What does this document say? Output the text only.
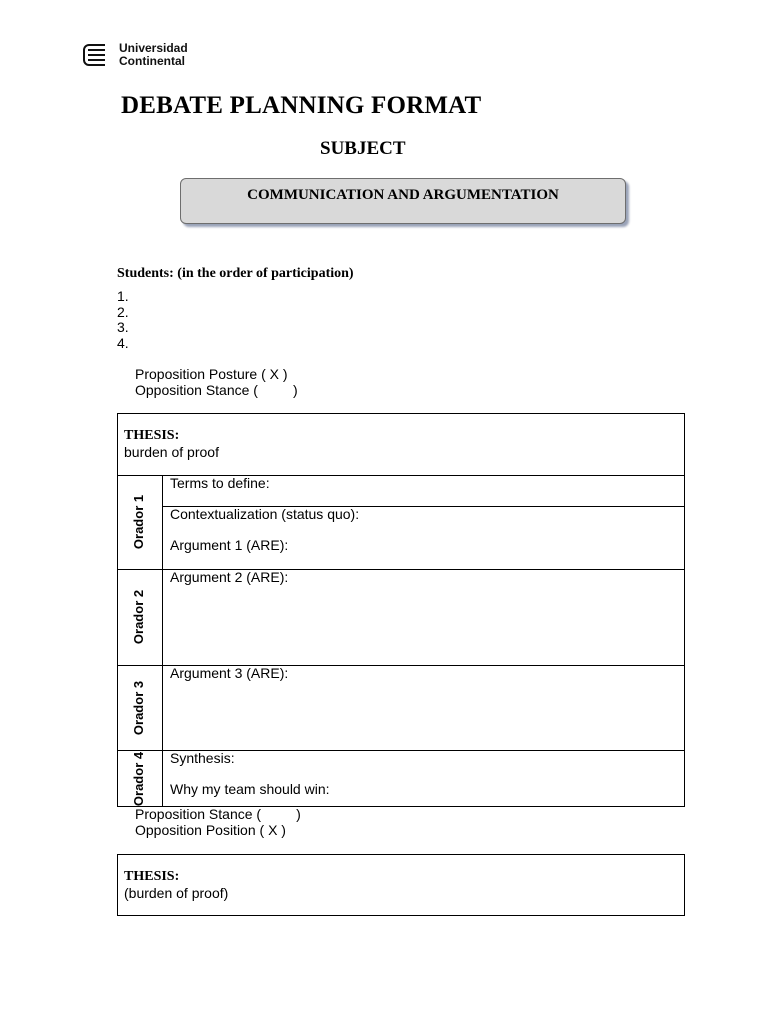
Universidad
Continental
DEBATE PLANNING FORMAT
SUBJECT
COMMUNICATION AND ARGUMENTATION
Students: (in the order of participation)
1.
2.
3.
4.
Proposition Posture ( X )
Opposition Stance (         )
THESIS:
burden of proof
Orador 1
Orador 2
Orador 3
Orador 4
Terms to define:
Contextualization (status quo):
Argument 1 (ARE):
Argument 2 (ARE):
Argument 3 (ARE):
Synthesis:
Why my team should win:
Proposition Stance (         )
Opposition Position ( X )
THESIS:
(burden of proof)
